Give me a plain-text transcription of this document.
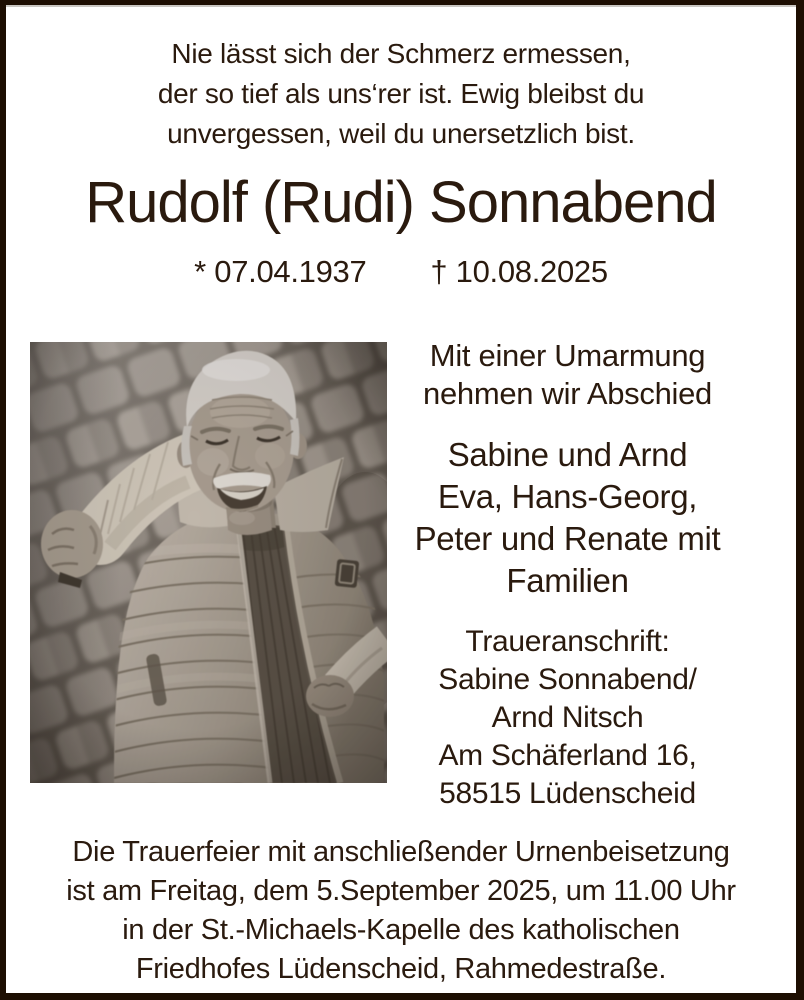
Nie lässt sich der Schmerz ermessen,
der so tief als uns‘rer ist. Ewig bleibst du
unvergessen, weil du unersetzlich bist.
Rudolf (Rudi) Sonnabend
* 07.04.1937 † 10.08.2025
Mit einer Umarmung
nehmen wir Abschied
Sabine und Arnd
Eva, Hans-Georg,
Peter und Renate mit
Familien
Traueranschrift:
Sabine Sonnabend/
Arnd Nitsch
Am Schäferland 16,
58515 Lüdenscheid
Die Trauerfeier mit anschließender Urnenbeisetzung
ist am Freitag, dem 5.September 2025, um 11.00 Uhr
in der St.-Michaels-Kapelle des katholischen
Friedhofes Lüdenscheid, Rahmedestraße.
